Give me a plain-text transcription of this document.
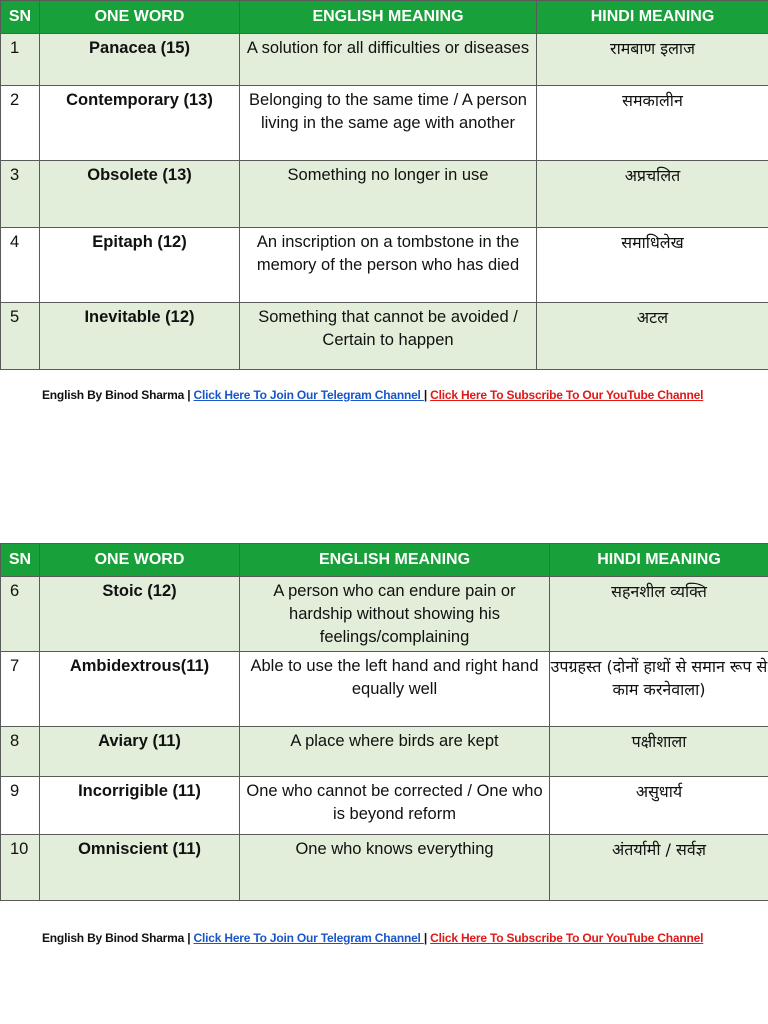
SN	ONE WORD	ENGLISH MEANING	HINDI MEANING
1	Panacea (15)	A solution for all difficulties or diseases	रामबाण इलाज
2	Contemporary (13)	Belonging to the same time / A person living in the same age with another	समकालीन
3	Obsolete (13)	Something no longer in use	अप्रचलित
4	Epitaph (12)	An inscription on a tombstone in the memory of the person who has died	समाधिलेख
5	Inevitable (12)	Something that cannot be avoided / Certain to happen	अटल
English By Binod Sharma | Click Here To Join Our Telegram Channel | Click Here To Subscribe To Our YouTube Channel
SN	ONE WORD	ENGLISH MEANING	HINDI MEANING
6	Stoic (12)	A person who can endure pain or hardship without showing his feelings/complaining	सहनशील व्यक्ति
7	Ambidextrous(11)	Able to use the left hand and right hand equally well	उपग्रहस्त (दोनों हाथों से समान रूप से काम करनेवाला)
8	Aviary (11)	A place where birds are kept	पक्षीशाला
9	Incorrigible (11)	One who cannot be corrected / One who is beyond reform	असुधार्य
10	Omniscient (11)	One who knows everything	अंतर्यामी / सर्वज्ञ
English By Binod Sharma | Click Here To Join Our Telegram Channel | Click Here To Subscribe To Our YouTube Channel
